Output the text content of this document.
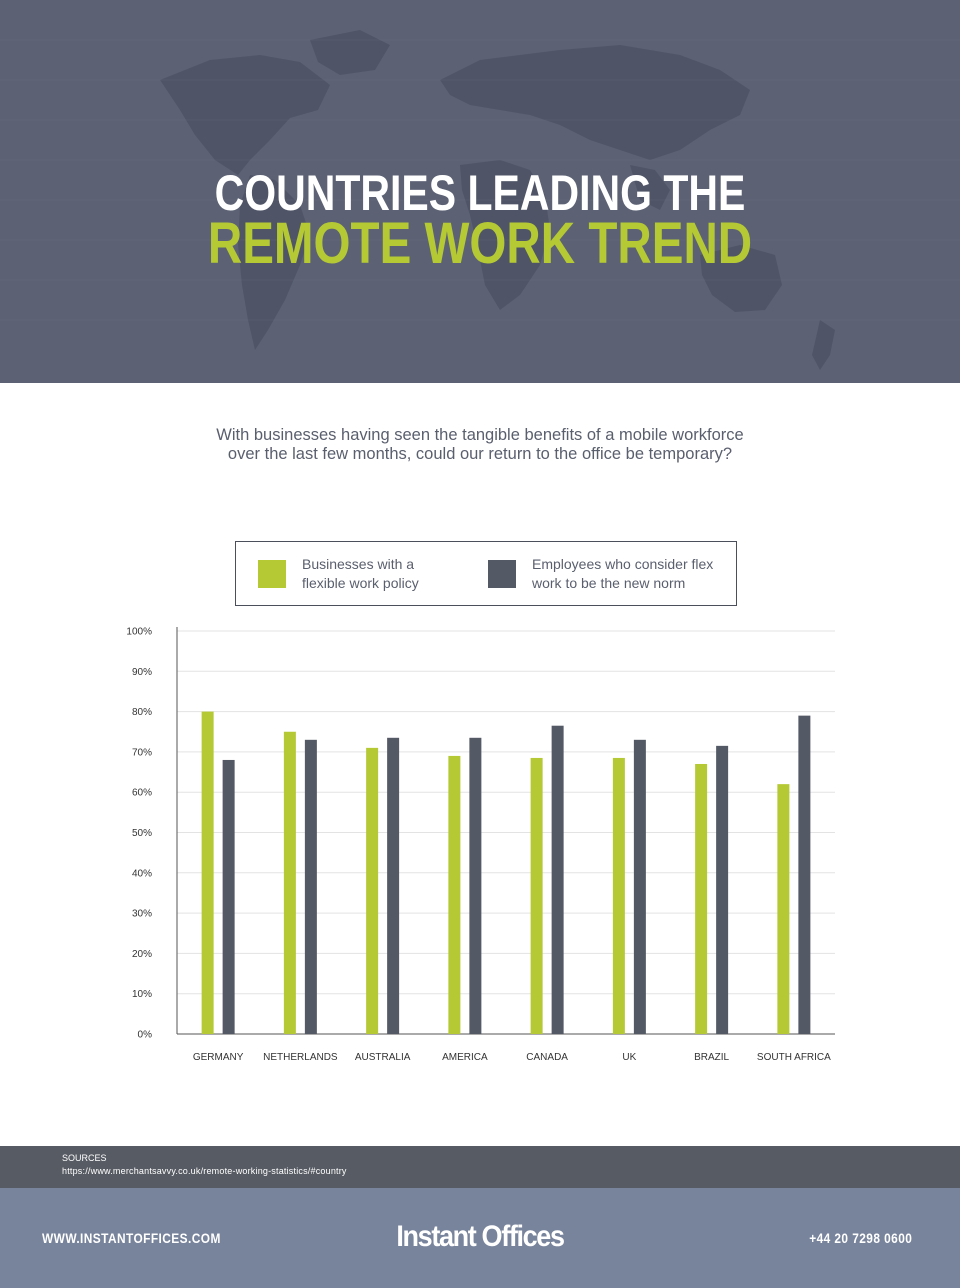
COUNTRIES LEADING THE
REMOTE WORK TREND
With businesses having seen the tangible benefits of a mobile workforce
over the last few months, could our return to the office be temporary?
Businesses with a
flexible work policy
Employees who consider flex
work to be the new norm
0%
10%
20%
30%
40%
50%
60%
70%
80%
90%
100%
GERMANY NETHERLANDS AUSTRALIA	AMERICA	CANADA	UK	BRAZIL	SOUTH AFRICA
SOURCES
https://www.merchantsavvy.co.uk/remote-working-statistics/#country
WWW.INSTANTOFFICES.COM	Instant Offices	+44 20 7298 0600
